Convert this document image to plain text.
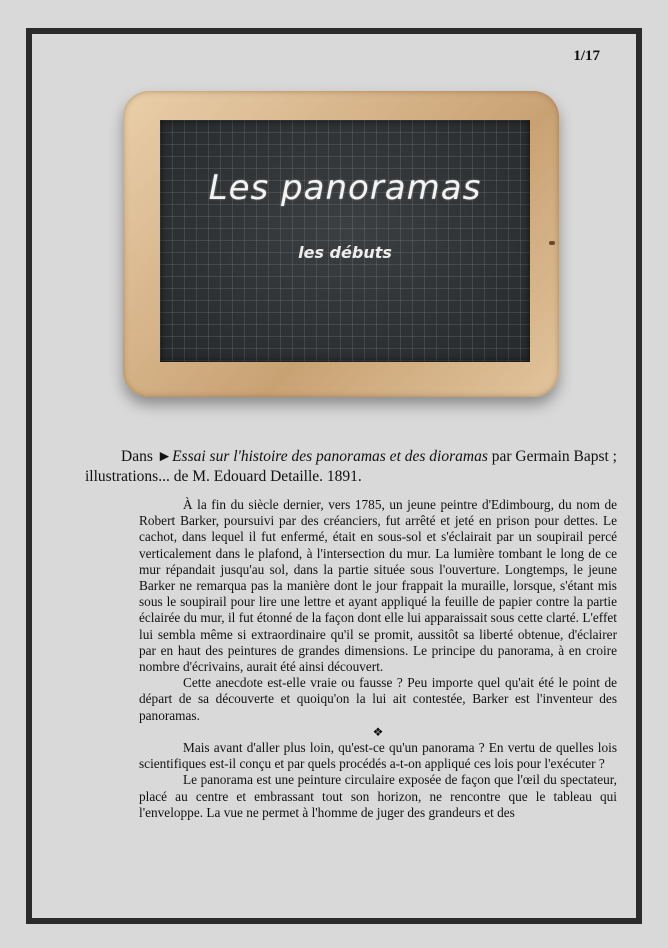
1/17
Les panoramas
les débuts
Dans ►Essai sur l'histoire des panoramas et des dioramas par Germain Bapst ; illustrations... de M. Edouard Detaille. 1891.

À la fin du siècle dernier, vers 1785, un jeune peintre d'Edimbourg, du nom de Robert Barker, poursuivi par des créanciers, fut arrêté et jeté en prison pour dettes. Le cachot, dans lequel il fut enfermé, était en sous-sol et s'éclairait par un soupirail percé verticalement dans le plafond, à l'intersection du mur. La lumière tombant le long de ce mur répandait jusqu'au sol, dans la partie située sous l'ouverture. Longtemps, le jeune Barker ne remarqua pas la manière dont le jour frappait la muraille, lorsque, s'étant mis sous le soupirail pour lire une lettre et ayant appliqué la feuille de papier contre la partie éclairée du mur, il fut étonné de la façon dont elle lui apparaissait sous cette clarté. L'effet lui sembla même si extraordinaire qu'il se promit, aussitôt sa liberté obtenue, d'éclairer par en haut des peintures de grandes dimensions. Le principe du panorama, à en croire nombre d'écrivains, aurait été ainsi découvert.

Cette anecdote est-elle vraie ou fausse ? Peu importe quel qu'ait été le point de départ de sa découverte et quoiqu'on la lui ait contestée, Barker est l'inventeur des panoramas.

❖

Mais avant d'aller plus loin, qu'est-ce qu'un panorama ? En vertu de quelles lois scientifiques est-il conçu et par quels procédés a-t-on appliqué ces lois pour l'exécuter ?

Le panorama est une peinture circulaire exposée de façon que l'œil du spectateur, placé au centre et embrassant tout son horizon, ne rencontre que le tableau qui l'enveloppe. La vue ne permet à l'homme de juger des grandeurs et des
